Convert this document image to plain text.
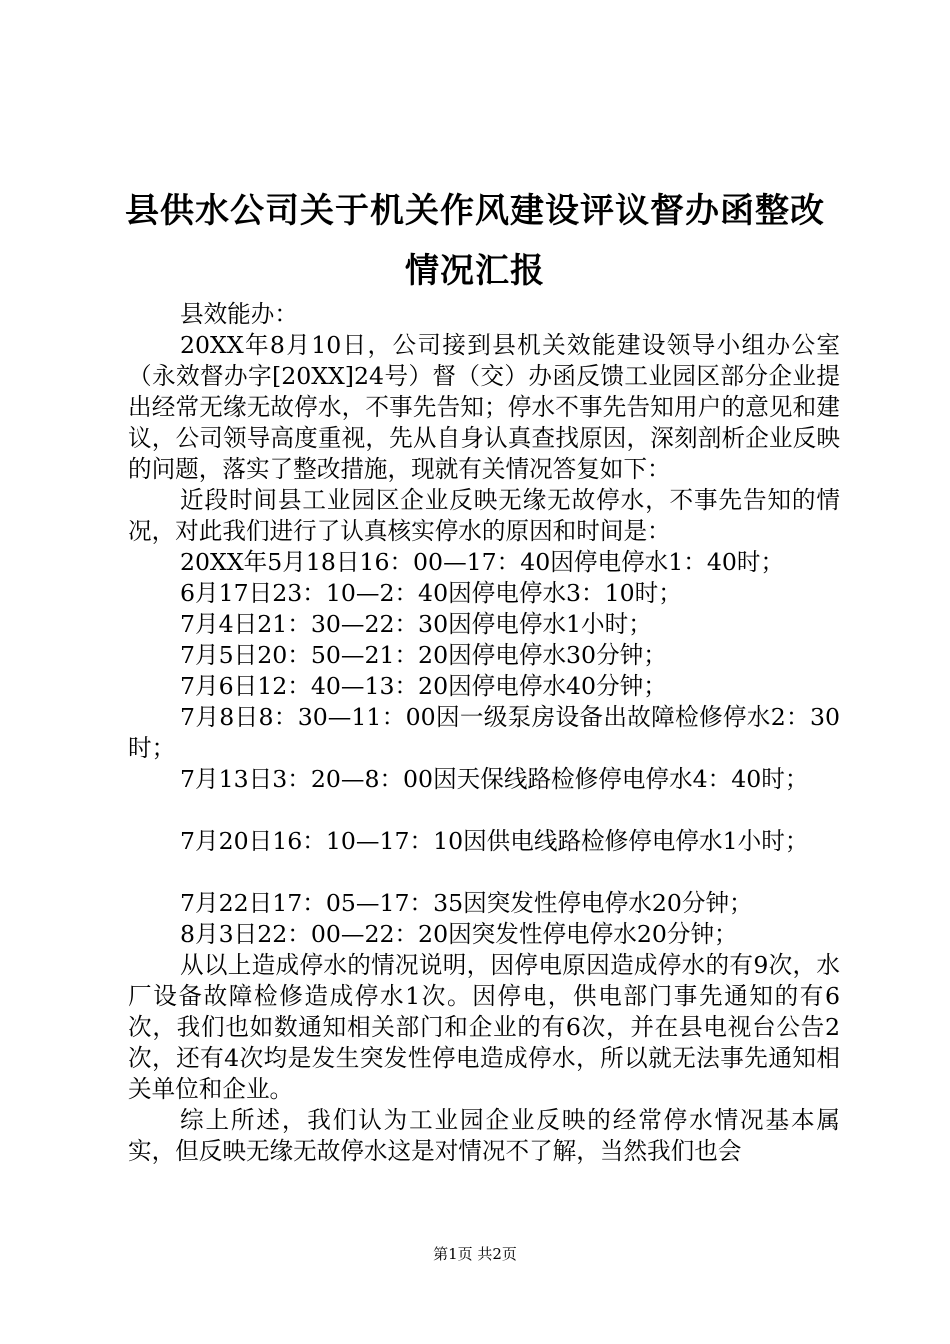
县供水公司关于机关作风建设评议督办函整改
情况汇报

县效能办：

20XX年8月10日，公司接到县机关效能建设领导小组办公室（永效督办字[20XX]24号）督（交）办函反馈工业园区部分企业提出经常无缘无故停水，不事先告知；停水不事先告知用户的意见和建议，公司领导高度重视，先从自身认真查找原因，深刻剖析企业反映的问题，落实了整改措施，现就有关情况答复如下：

近段时间县工业园区企业反映无缘无故停水，不事先告知的情况，对此我们进行了认真核实停水的原因和时间是：

20XX年5月18日16：00—17：40因停电停水1：40时；

6月17日23：10—2：40因停电停水3：10时；

7月4日21：30—22：30因停电停水1小时；

7月5日20：50—21：20因停电停水30分钟；

7月6日12：40—13：20因停电停水40分钟；

7月8日8：30—11：00因一级泵房设备出故障检修停水2：30时；

7月13日3：20—8：00因天保线路检修停电停水4：40时；

7月20日16：10—17：10因供电线路检修停电停水1小时；

7月22日17：05—17：35因突发性停电停水20分钟；

8月3日22：00—22：20因突发性停电停水20分钟；

从以上造成停水的情况说明，因停电原因造成停水的有9次，水厂设备故障检修造成停水1次。因停电，供电部门事先通知的有6次，我们也如数通知相关部门和企业的有6次，并在县电视台公告2次，还有4次均是发生突发性停电造成停水，所以就无法事先通知相关单位和企业。

综上所述，我们认为工业园企业反映的经常停水情况基本属实，但反映无缘无故停水这是对情况不了解，当然我们也会

第1页 共2页
